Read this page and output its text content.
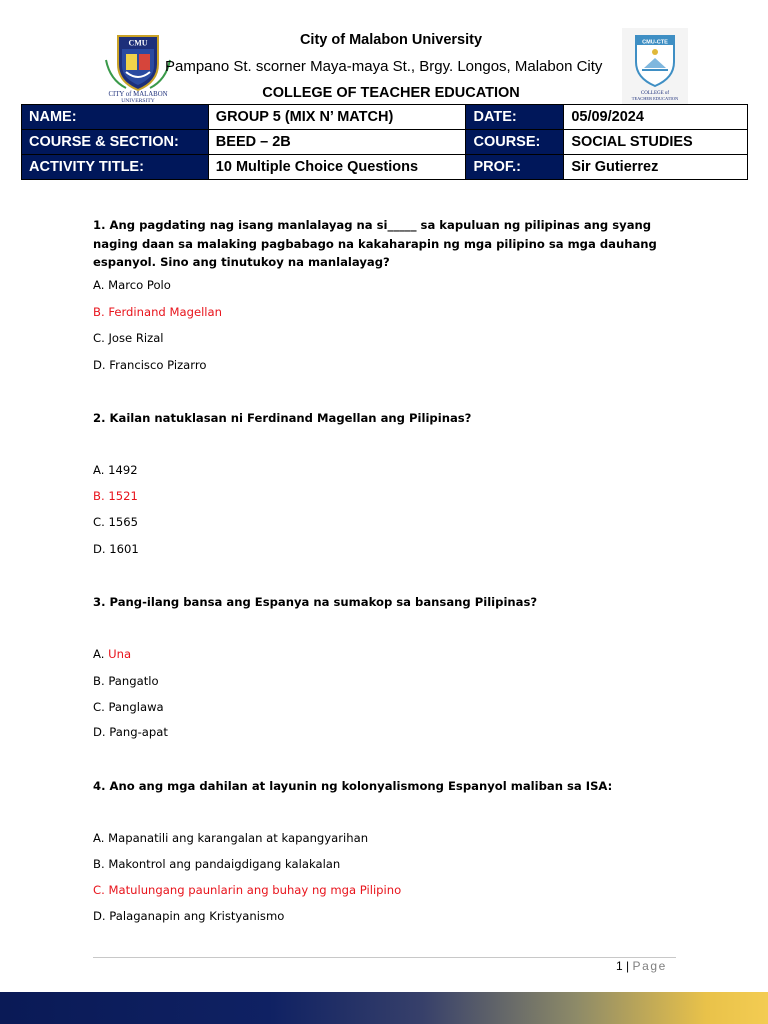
CMU
CITY of MALABON
UNIVERSITY
City of Malabon University
Pampano St. scorner Maya-maya St., Brgy. Longos, Malabon City
COLLEGE OF TEACHER EDUCATION
CMU-CTE
COLLEGE of
TEACHER EDUCATION
NAME:	GROUP 5 (MIX N’ MATCH)	DATE:	05/09/2024
COURSE & SECTION:	BEED – 2B	COURSE:	SOCIAL STUDIES
ACTIVITY TITLE:	10 Multiple Choice Questions	PROF.:	Sir Gutierrez
1. Ang pagdating nag isang manlalayag na si_____ sa kapuluan ng pilipinas ang syang naging daan sa malaking pagbabago na kakaharapin ng mga pilipino sa mga dauhang espanyol. Sino ang tinutukoy na manlalayag?
A. Marco Polo
B. Ferdinand Magellan
C. Jose Rizal
D. Francisco Pizarro
2. Kailan natuklasan ni Ferdinand Magellan ang Pilipinas?
A. 1492
B. 1521
C. 1565
D. 1601
3. Pang-ilang bansa ang Espanya na sumakop sa bansang Pilipinas?
A. Una
B. Pangatlo
C. Panglawa
D. Pang-apat
4. Ano ang mga dahilan at layunin ng kolonyalismong Espanyol maliban sa ISA:
A. Mapanatili ang karangalan at kapangyarihan
B. Makontrol ang pandaigdigang kalakalan
C. Matulungang paunlarin ang buhay ng mga Pilipino
D. Palaganapin ang Kristyanismo
1 | Page
